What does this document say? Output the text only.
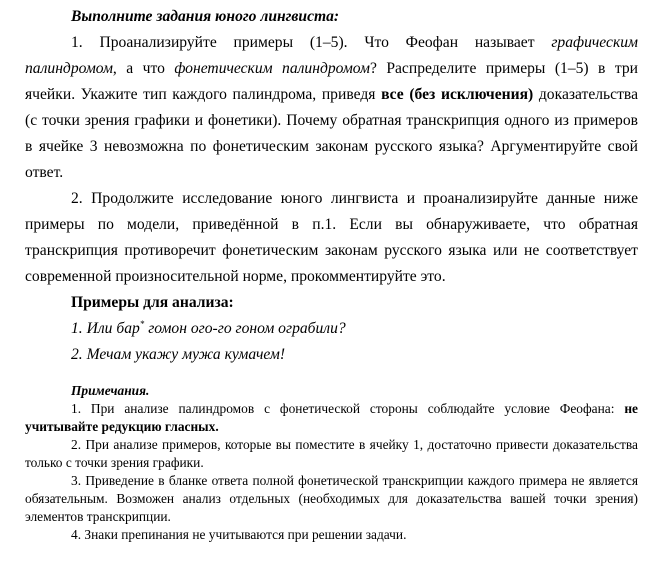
Выполните задания юного лингвиста:

1. Проанализируйте примеры (1–5). Что Феофан называет графическим палиндромом, а что фонетическим палиндромом? Распределите примеры (1–5) в три ячейки. Укажите тип каждого палиндрома, приведя все (без исключения) доказательства (с точки зрения графики и фонетики). Почему обратная транскрипция одного из примеров в ячейке 3 невозможна по фонетическим законам русского языка? Аргументируйте свой ответ.

2. Продолжите исследование юного лингвиста и проанализируйте данные ниже примеры по модели, приведённой в п.1. Если вы обнаруживаете, что обратная транскрипция противоречит фонетическим законам русского языка или не соответствует современной произносительной норме, прокомментируйте это.

Примеры для анализа:

1. Или бар* гомон ого-го гоном ограбили?

2. Мечам укажу мужа кумачем!

Примечания.

1. При анализе палиндромов с фонетической стороны соблюдайте условие Феофана: не учитывайте редукцию гласных.

2. При анализе примеров, которые вы поместите в ячейку 1, достаточно привести доказательства только с точки зрения графики.

3. Приведение в бланке ответа полной фонетической транскрипции каждого примера не является обязательным. Возможен анализ отдельных (необходимых для доказательства вашей точки зрения) элементов транскрипции.

4. Знаки препинания не учитываются при решении задачи.
